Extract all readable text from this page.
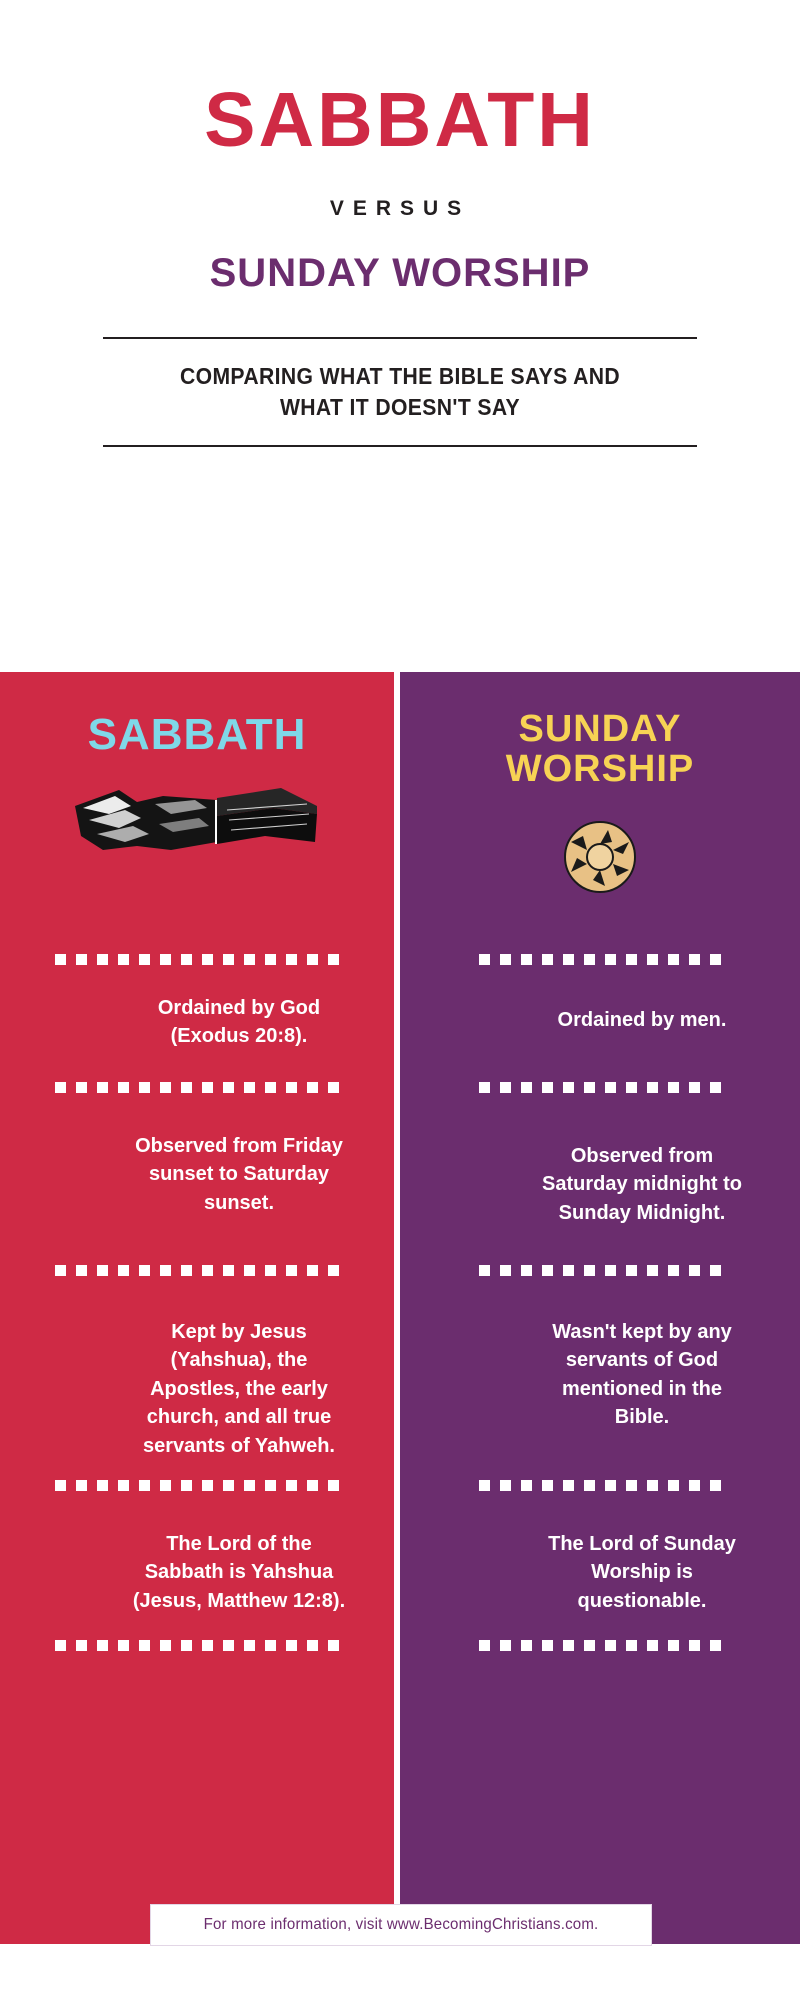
SABBATH
VERSUS
SUNDAY WORSHIP
COMPARING WHAT THE BIBLE SAYS AND
WHAT IT DOESN'T SAY
SABBATH
Ordained by God
(Exodus 20:8).
Observed from Friday
sunset to Saturday
sunset.
Kept by Jesus
(Yahshua), the
Apostles, the early
church, and all true
servants of Yahweh.
The Lord of the
Sabbath is Yahshua
(Jesus, Matthew 12:8).
SUNDAY
WORSHIP
Ordained by men.
Observed from
Saturday midnight to
Sunday Midnight.
Wasn't kept by any
servants of God
mentioned in the
Bible.
The Lord of Sunday
Worship is
questionable.
For more information, visit www.BecomingChristians.com.
